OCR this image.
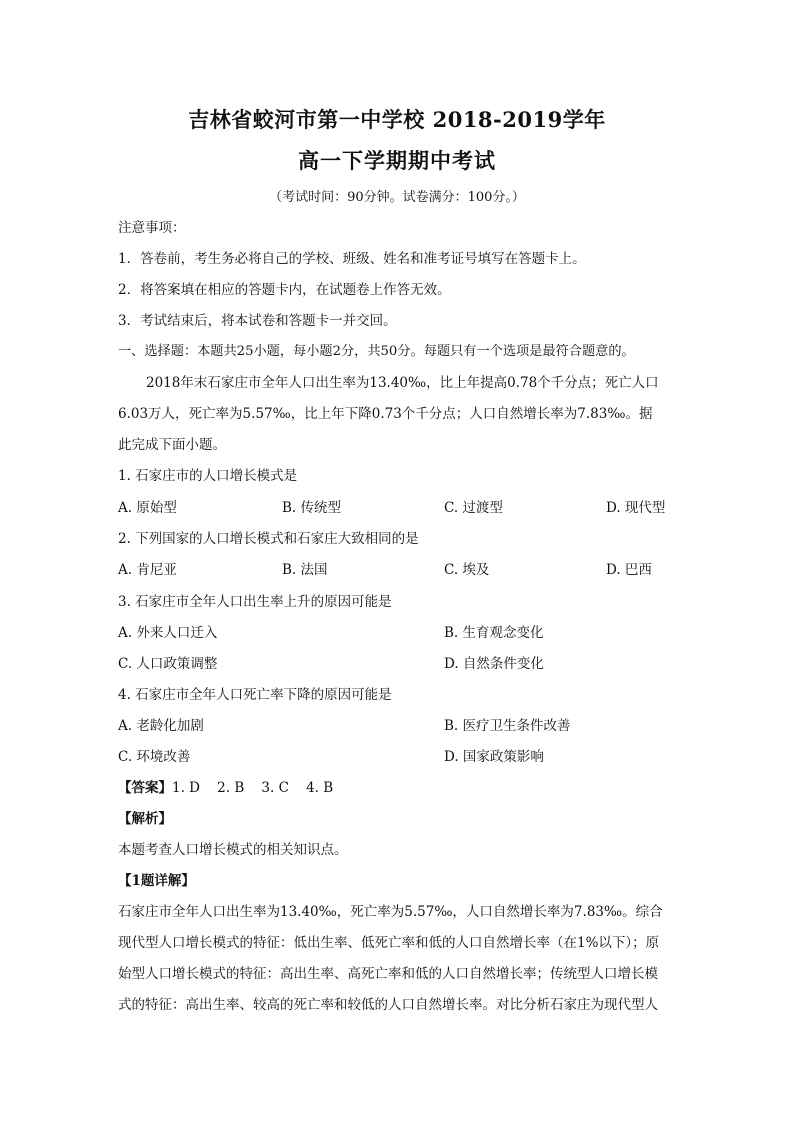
吉林省蛟河市第一中学校 2018-2019学年
高一下学期期中考试
（考试时间：90分钟。试卷满分：100分。）
注意事项：
1．答卷前，考生务必将自己的学校、班级、姓名和准考证号填写在答题卡上。
2．将答案填在相应的答题卡内，在试题卷上作答无效。
3．考试结束后，将本试卷和答题卡一并交回。
一、选择题：本题共25小题，每小题2分，共50分。每题只有一个选项是最符合题意的。
2018年末石家庄市全年人口出生率为13.40‰，比上年提高0.78个千分点；死亡人口
6.03万人，死亡率为5.57‰，比上年下降0.73个千分点；人口自然增长率为7.83‰。据
此完成下面小题。
1. 石家庄市的人口增长模式是
A. 原始型	B. 传统型	C. 过渡型	D. 现代型
2. 下列国家的人口增长模式和石家庄大致相同的是
A. 肯尼亚	B. 法国	C. 埃及	D. 巴西
3. 石家庄市全年人口出生率上升的原因可能是
A. 外来人口迁入	B. 生育观念变化
C. 人口政策调整	D. 自然条件变化
4. 石家庄市全年人口死亡率下降的原因可能是
A. 老龄化加剧	B. 医疗卫生条件改善
C. 环境改善	D. 国家政策影响
【答案】1. D    2. B    3. C    4. B
【解析】
本题考查人口增长模式的相关知识点。
【1题详解】
石家庄市全年人口出生率为13.40‰，死亡率为5.57‰，人口自然增长率为7.83‰。综合
现代型人口增长模式的特征：低出生率、低死亡率和低的人口自然增长率（在1%以下）；原
始型人口增长模式的特征：高出生率、高死亡率和低的人口自然增长率；传统型人口增长模
式的特征：高出生率、较高的死亡率和较低的人口自然增长率。对比分析石家庄为现代型人
